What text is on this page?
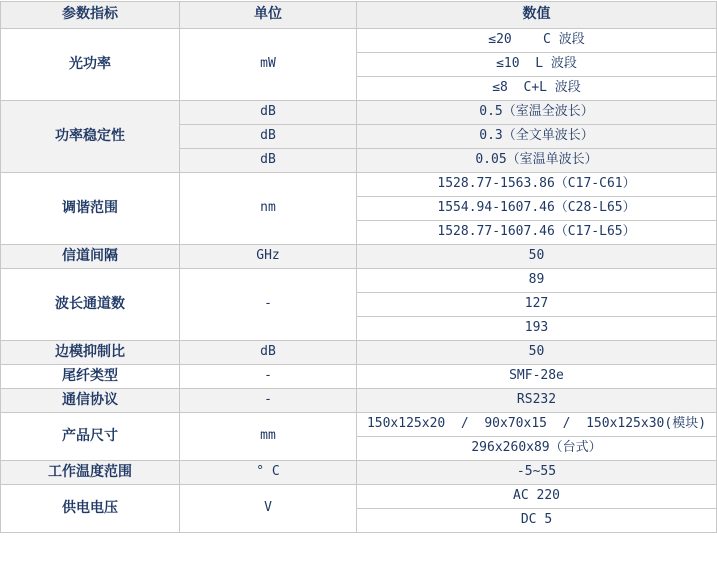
参数指标	单位	数值
光功率	mW	≤20    C 波段
		≤10  L 波段
		≤8  C+L 波段
功率稳定性	dB	0.5（室温全波长）
	dB	0.3（全文单波长）
	dB	0.05（室温单波长）
调谐范围	nm	1528.77-1563.86（C17-C61）
		1554.94-1607.46（C28-L65）
		1528.77-1607.46（C17-L65）
信道间隔	GHz	50
波长通道数	-	89
		127
		193
边模抑制比	dB	50
尾纤类型	-	SMF-28e
通信协议	-	RS232
产品尺寸	mm	150x125x20  /  90x70x15  /  150x125x30(模块)
		296x260x89（台式）
工作温度范围	° C	-5~55
供电电压	V	AC 220
		DC 5
